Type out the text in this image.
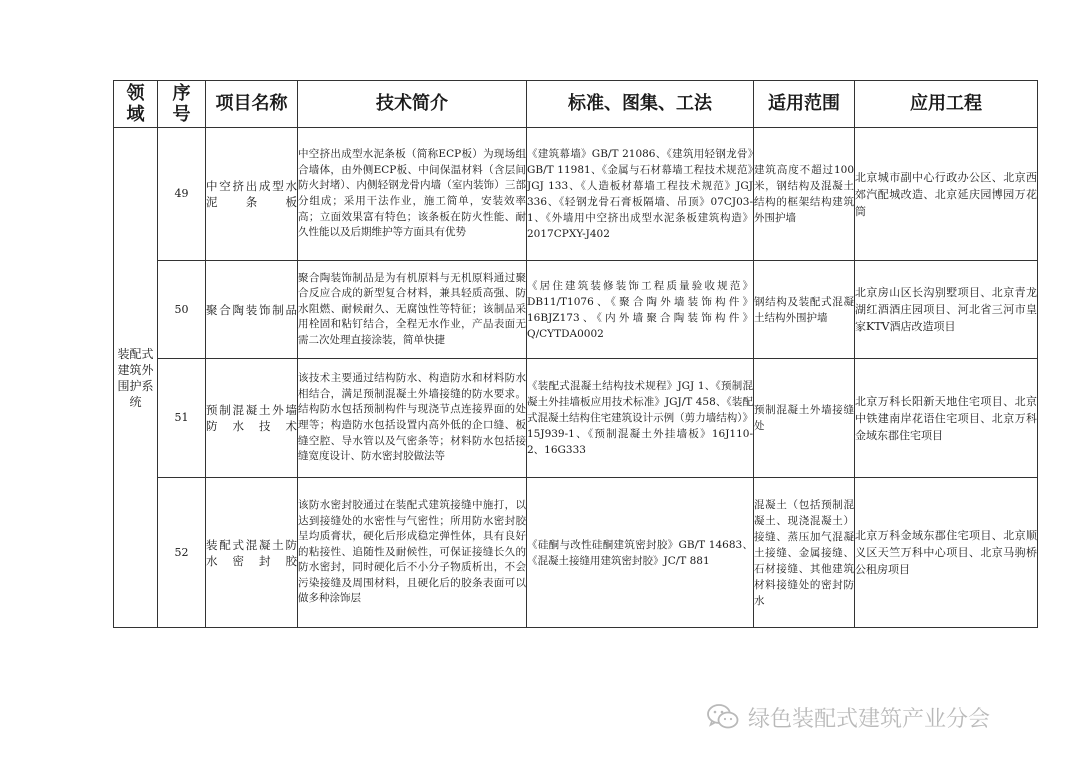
领域	序号	项目名称	技术简介	标准、图集、工法	适用范围	应用工程
装配式建筑外围护系统	49	中空挤出成型水泥条板	中空挤出成型水泥条板（简称ECP板）为现场组合墙体，由外侧ECP板、中间保温材料（含层间防火封堵）、内侧轻钢龙骨内墙（室内装饰）三部分组成；采用干法作业，施工简单，安装效率高；立面效果富有特色；该条板在防火性能、耐久性能以及后期维护等方面具有优势	《建筑幕墙》GB/T 21086、《建筑用轻钢龙骨》GB/T 11981、《金属与石材幕墙工程技术规范》JGJ 133、《人造板材幕墙工程技术规范》JGJ 336、《轻钢龙骨石膏板隔墙、吊顶》07CJ03-1、《外墙用中空挤出成型水泥条板建筑构造》2017CPXY-J402	建筑高度不超过100米，钢结构及混凝土结构的框架结构建筑外围护墙	北京城市副中心行政办公区、北京西郊汽配城改造、北京延庆园博园万花筒
	50	聚合陶装饰制品	聚合陶装饰制品是为有机原料与无机原料通过聚合反应合成的新型复合材料，兼具轻质高强、防水阻燃、耐候耐久、无腐蚀性等特征；该制品采用栓固和粘钉结合，全程无水作业，产品表面无需二次处理直接涂装，简单快捷	《居住建筑装修装饰工程质量验收规范》DB11/T1076、《聚合陶外墙装饰构件》16BJZ173、《内外墙聚合陶装饰构件》Q/CYTDA0002	钢结构及装配式混凝土结构外围护墙	北京房山区长沟别墅项目、北京青龙湖红酒酒庄园项目、河北省三河市皇家KTV酒店改造项目
	51	预制混凝土外墙防水技术	该技术主要通过结构防水、构造防水和材料防水相结合，满足预制混凝土外墙接缝的防水要求。结构防水包括预制构件与现浇节点连接界面的处理等；构造防水包括设置内高外低的企口缝、板缝空腔、导水管以及气密条等；材料防水包括接缝宽度设计、防水密封胶做法等	《装配式混凝土结构技术规程》JGJ 1、《预制混凝土外挂墙板应用技术标准》JGJ/T 458、《装配式混凝土结构住宅建筑设计示例（剪力墙结构）》15J939-1、《预制混凝土外挂墙板》16J110-2、16G333	预制混凝土外墙接缝处	北京万科长阳新天地住宅项目、北京中铁建南岸花语住宅项目、北京万科金域东郡住宅项目
	52	装配式混凝土防水密封胶	该防水密封胶通过在装配式建筑接缝中施打，以达到接缝处的水密性与气密性；所用防水密封胶呈均质膏状，硬化后形成稳定弹性体，具有良好的粘接性、追随性及耐候性，可保证接缝长久的防水密封，同时硬化后不小分子物质析出，不会污染接缝及周围材料，且硬化后的胶条表面可以做多种涂饰层	《硅酮与改性硅酮建筑密封胶》GB/T 14683、《混凝土接缝用建筑密封胶》JC/T 881	混凝土（包括预制混凝土、现浇混凝土）接缝、蒸压加气混凝土接缝、金属接缝、石材接缝、其他建筑材料接缝处的密封防水	北京万科金域东郡住宅项目、北京顺义区天竺万科中心项目、北京马驹桥公租房项目
绿色装配式建筑产业分会
